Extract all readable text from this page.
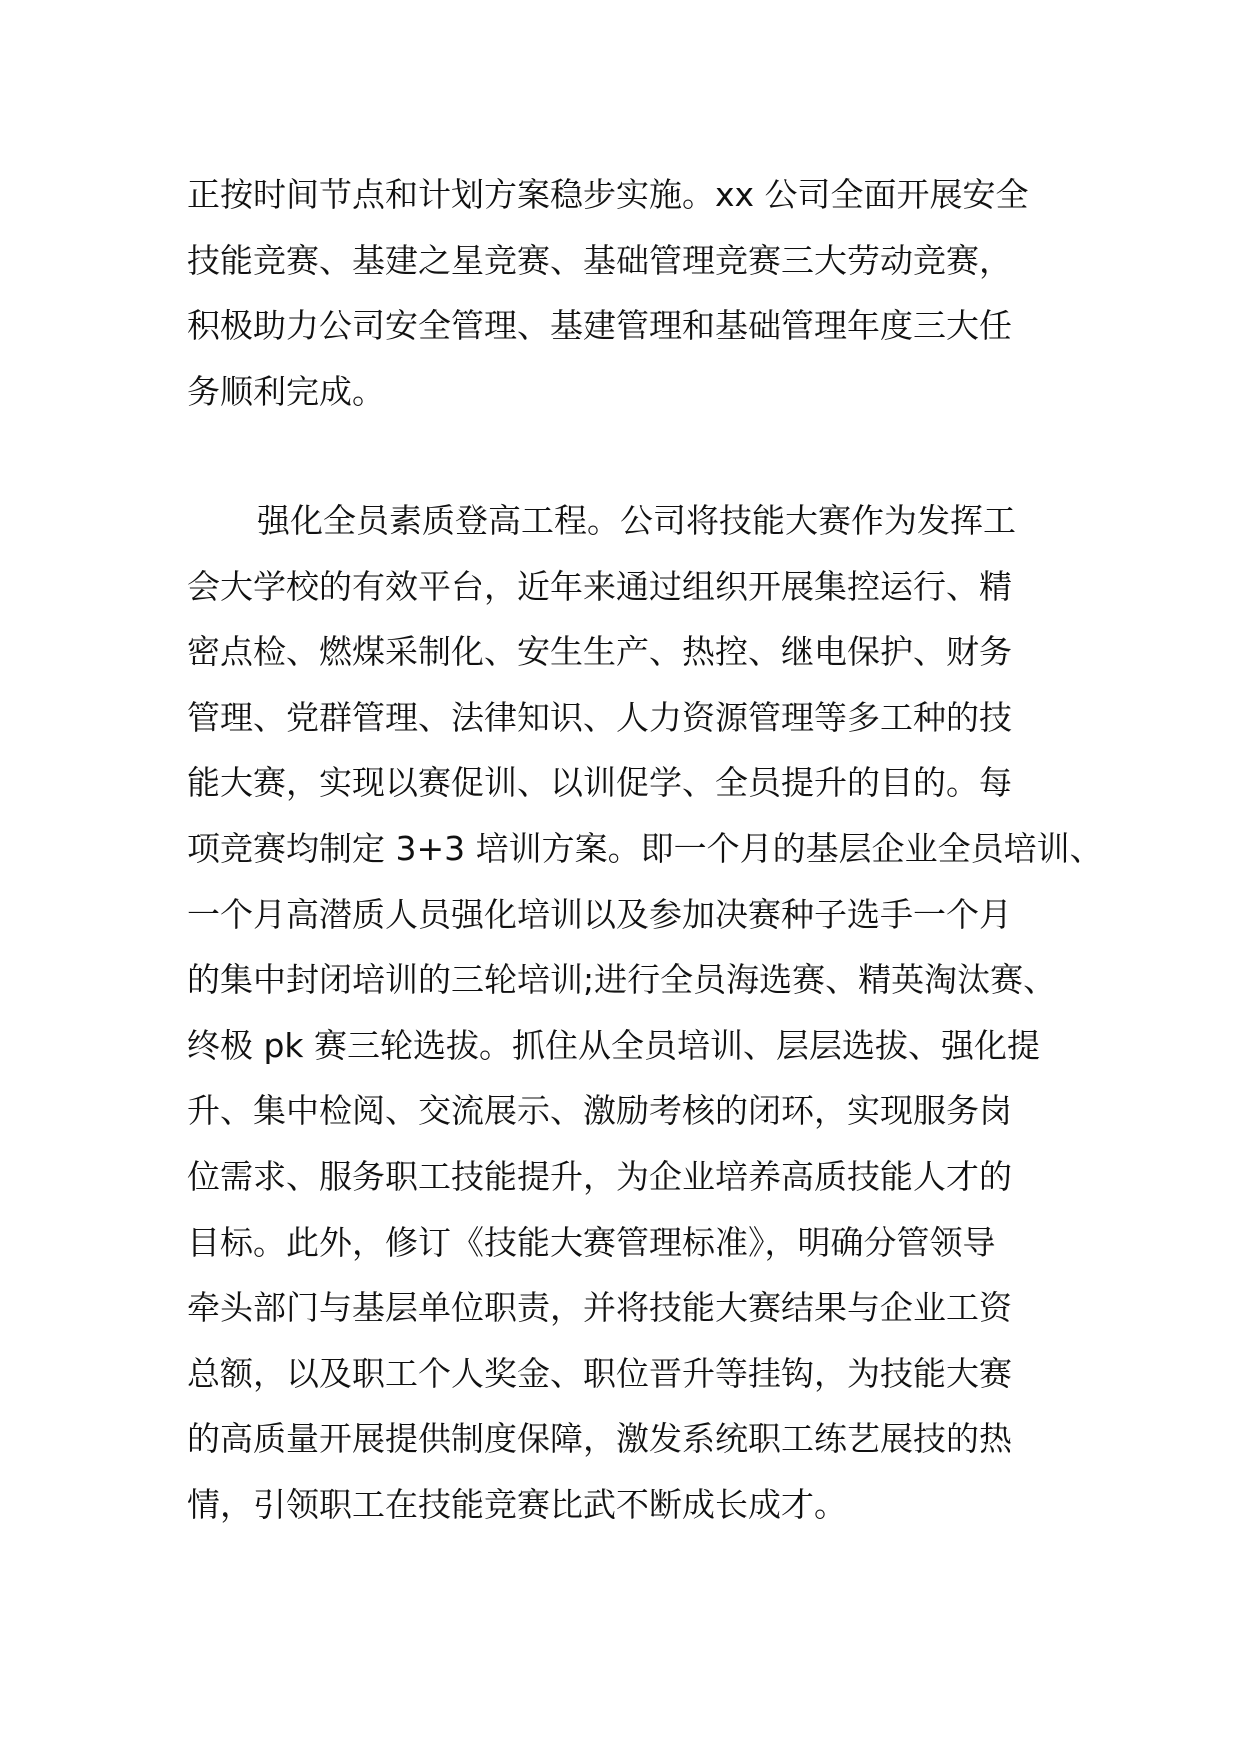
正按时间节点和计划方案稳步实施。xx 公司全面开展安全
技能竞赛、基建之星竞赛、基础管理竞赛三大劳动竞赛，
积极助力公司安全管理、基建管理和基础管理年度三大任
务顺利完成。

强化全员素质登高工程。公司将技能大赛作为发挥工
会大学校的有效平台，近年来通过组织开展集控运行、精
密点检、燃煤采制化、安生生产、热控、继电保护、财务
管理、党群管理、法律知识、人力资源管理等多工种的技
能大赛，实现以赛促训、以训促学、全员提升的目的。每
项竞赛均制定 3+3 培训方案。即一个月的基层企业全员培训、
一个月高潜质人员强化培训以及参加决赛种子选手一个月
的集中封闭培训的三轮培训;进行全员海选赛、精英淘汰赛、
终极 pk 赛三轮选拔。抓住从全员培训、层层选拔、强化提
升、集中检阅、交流展示、激励考核的闭环，实现服务岗
位需求、服务职工技能提升，为企业培养高质技能人才的
目标。此外，修订《技能大赛管理标准》，明确分管领导
牵头部门与基层单位职责，并将技能大赛结果与企业工资
总额，以及职工个人奖金、职位晋升等挂钩，为技能大赛
的高质量开展提供制度保障，激发系统职工练艺展技的热
情，引领职工在技能竞赛比武不断成长成才。
